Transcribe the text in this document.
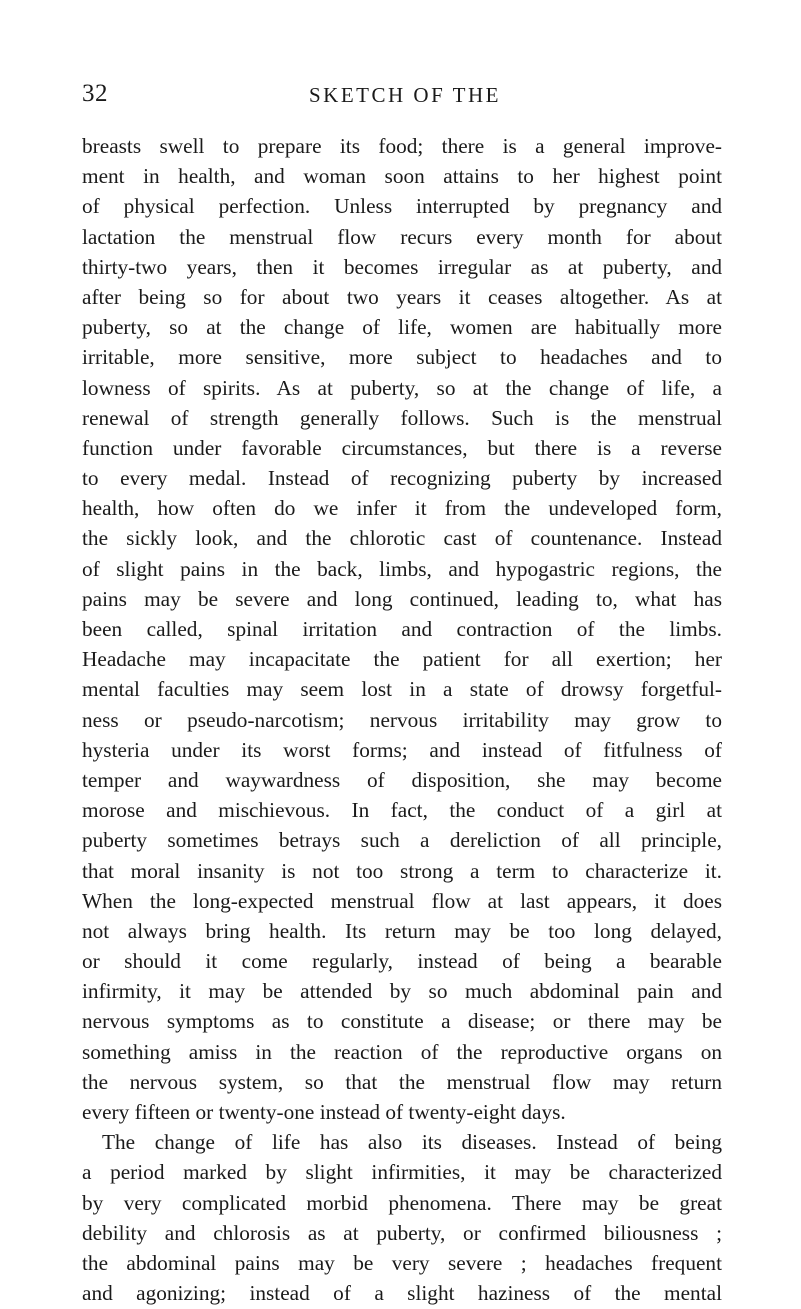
32	SKETCH OF THE
breasts swell to prepare its food; there is a general improve-
ment in health, and woman soon attains to her highest point
of physical perfection. Unless interrupted by pregnancy and
lactation the menstrual flow recurs every month for about
thirty-two years, then it becomes irregular as at puberty, and
after being so for about two years it ceases altogether. As at
puberty, so at the change of life, women are habitually more
irritable, more sensitive, more subject to headaches and to
lowness of spirits. As at puberty, so at the change of life, a
renewal of strength generally follows. Such is the menstrual
function under favorable circumstances, but there is a reverse
to every medal. Instead of recognizing puberty by increased
health, how often do we infer it from the undeveloped form,
the sickly look, and the chlorotic cast of countenance. Instead
of slight pains in the back, limbs, and hypogastric regions, the
pains may be severe and long continued, leading to, what has
been called, spinal irritation and contraction of the limbs.
Headache may incapacitate the patient for all exertion; her
mental faculties may seem lost in a state of drowsy forgetful-
ness or pseudo-narcotism; nervous irritability may grow to
hysteria under its worst forms; and instead of fitfulness of
temper and waywardness of disposition, she may become
morose and mischievous. In fact, the conduct of a girl at
puberty sometimes betrays such a dereliction of all principle,
that moral insanity is not too strong a term to characterize it.
When the long-expected menstrual flow at last appears, it does
not always bring health. Its return may be too long delayed,
or should it come regularly, instead of being a bearable
infirmity, it may be attended by so much abdominal pain and
nervous symptoms as to constitute a disease; or there may be
something amiss in the reaction of the reproductive organs on
the nervous system, so that the menstrual flow may return
every fifteen or twenty-one instead of twenty-eight days.
The change of life has also its diseases. Instead of being
a period marked by slight infirmities, it may be characterized
by very complicated morbid phenomena. There may be great
debility and chlorosis as at puberty, or confirmed biliousness ;
the abdominal pains may be very severe ; headaches frequent
and agonizing; instead of a slight haziness of the mental
